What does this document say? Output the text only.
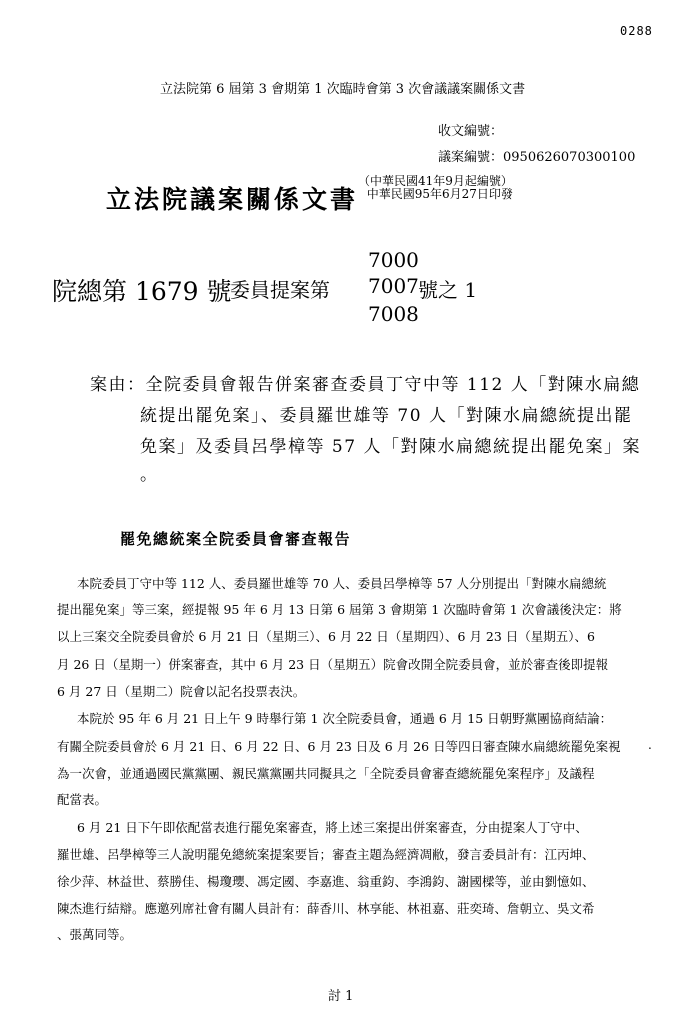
0288
立法院第 6 屆第 3 會期第 1 次臨時會第 3 次會議議案關係文書
收文編號：
議案編號：0950626070300100
立法院議案關係文書
（中華民國41年9月起編號）
中華民國95年6月27日印發
院總第 1679 號
委員提案第
7000
7007 號之 1
7008
案由：全院委員會報告併案審查委員丁守中等 112 人「對陳水扁總
統提出罷免案」、委員羅世雄等 70 人「對陳水扁總統提出罷
免案」及委員呂學樟等 57 人「對陳水扁總統提出罷免案」案
。
罷免總統案全院委員會審查報告
本院委員丁守中等 112 人、委員羅世雄等 70 人、委員呂學樟等 57 人分別提出「對陳水扁總統
提出罷免案」等三案，經提報 95 年 6 月 13 日第 6 屆第 3 會期第 1 次臨時會第 1 次會議後決定：將
以上三案交全院委員會於 6 月 21 日（星期三）、6 月 22 日（星期四）、6 月 23 日（星期五）、6
月 26 日（星期一）併案審查，其中 6 月 23 日（星期五）院會改開全院委員會，並於審查後即提報
6 月 27 日（星期二）院會以記名投票表決。
本院於 95 年 6 月 21 日上午 9 時舉行第 1 次全院委員會，通過 6 月 15 日朝野黨團協商結論：
有關全院委員會於 6 月 21 日、6 月 22 日、6 月 23 日及 6 月 26 日等四日審查陳水扁總統罷免案視
為一次會，並通過國民黨黨團、親民黨黨團共同擬具之「全院委員會審查總統罷免案程序」及議程
配當表。
6 月 21 日下午即依配當表進行罷免案審查，將上述三案提出併案審查，分由提案人丁守中、
羅世雄、呂學樟等三人說明罷免總統案提案要旨；審查主題為經濟凋敝，發言委員計有：江丙坤、
徐少萍、林益世、蔡勝佳、楊瓊瓔、馮定國、李嘉進、翁重鈞、李鴻鈞、謝國樑等，並由劉憶如、
陳杰進行結辯。應邀列席社會有關人員計有：薛香川、林享能、林祖嘉、莊奕琦、詹朝立、吳文希
、張萬同等。
.
討 1
